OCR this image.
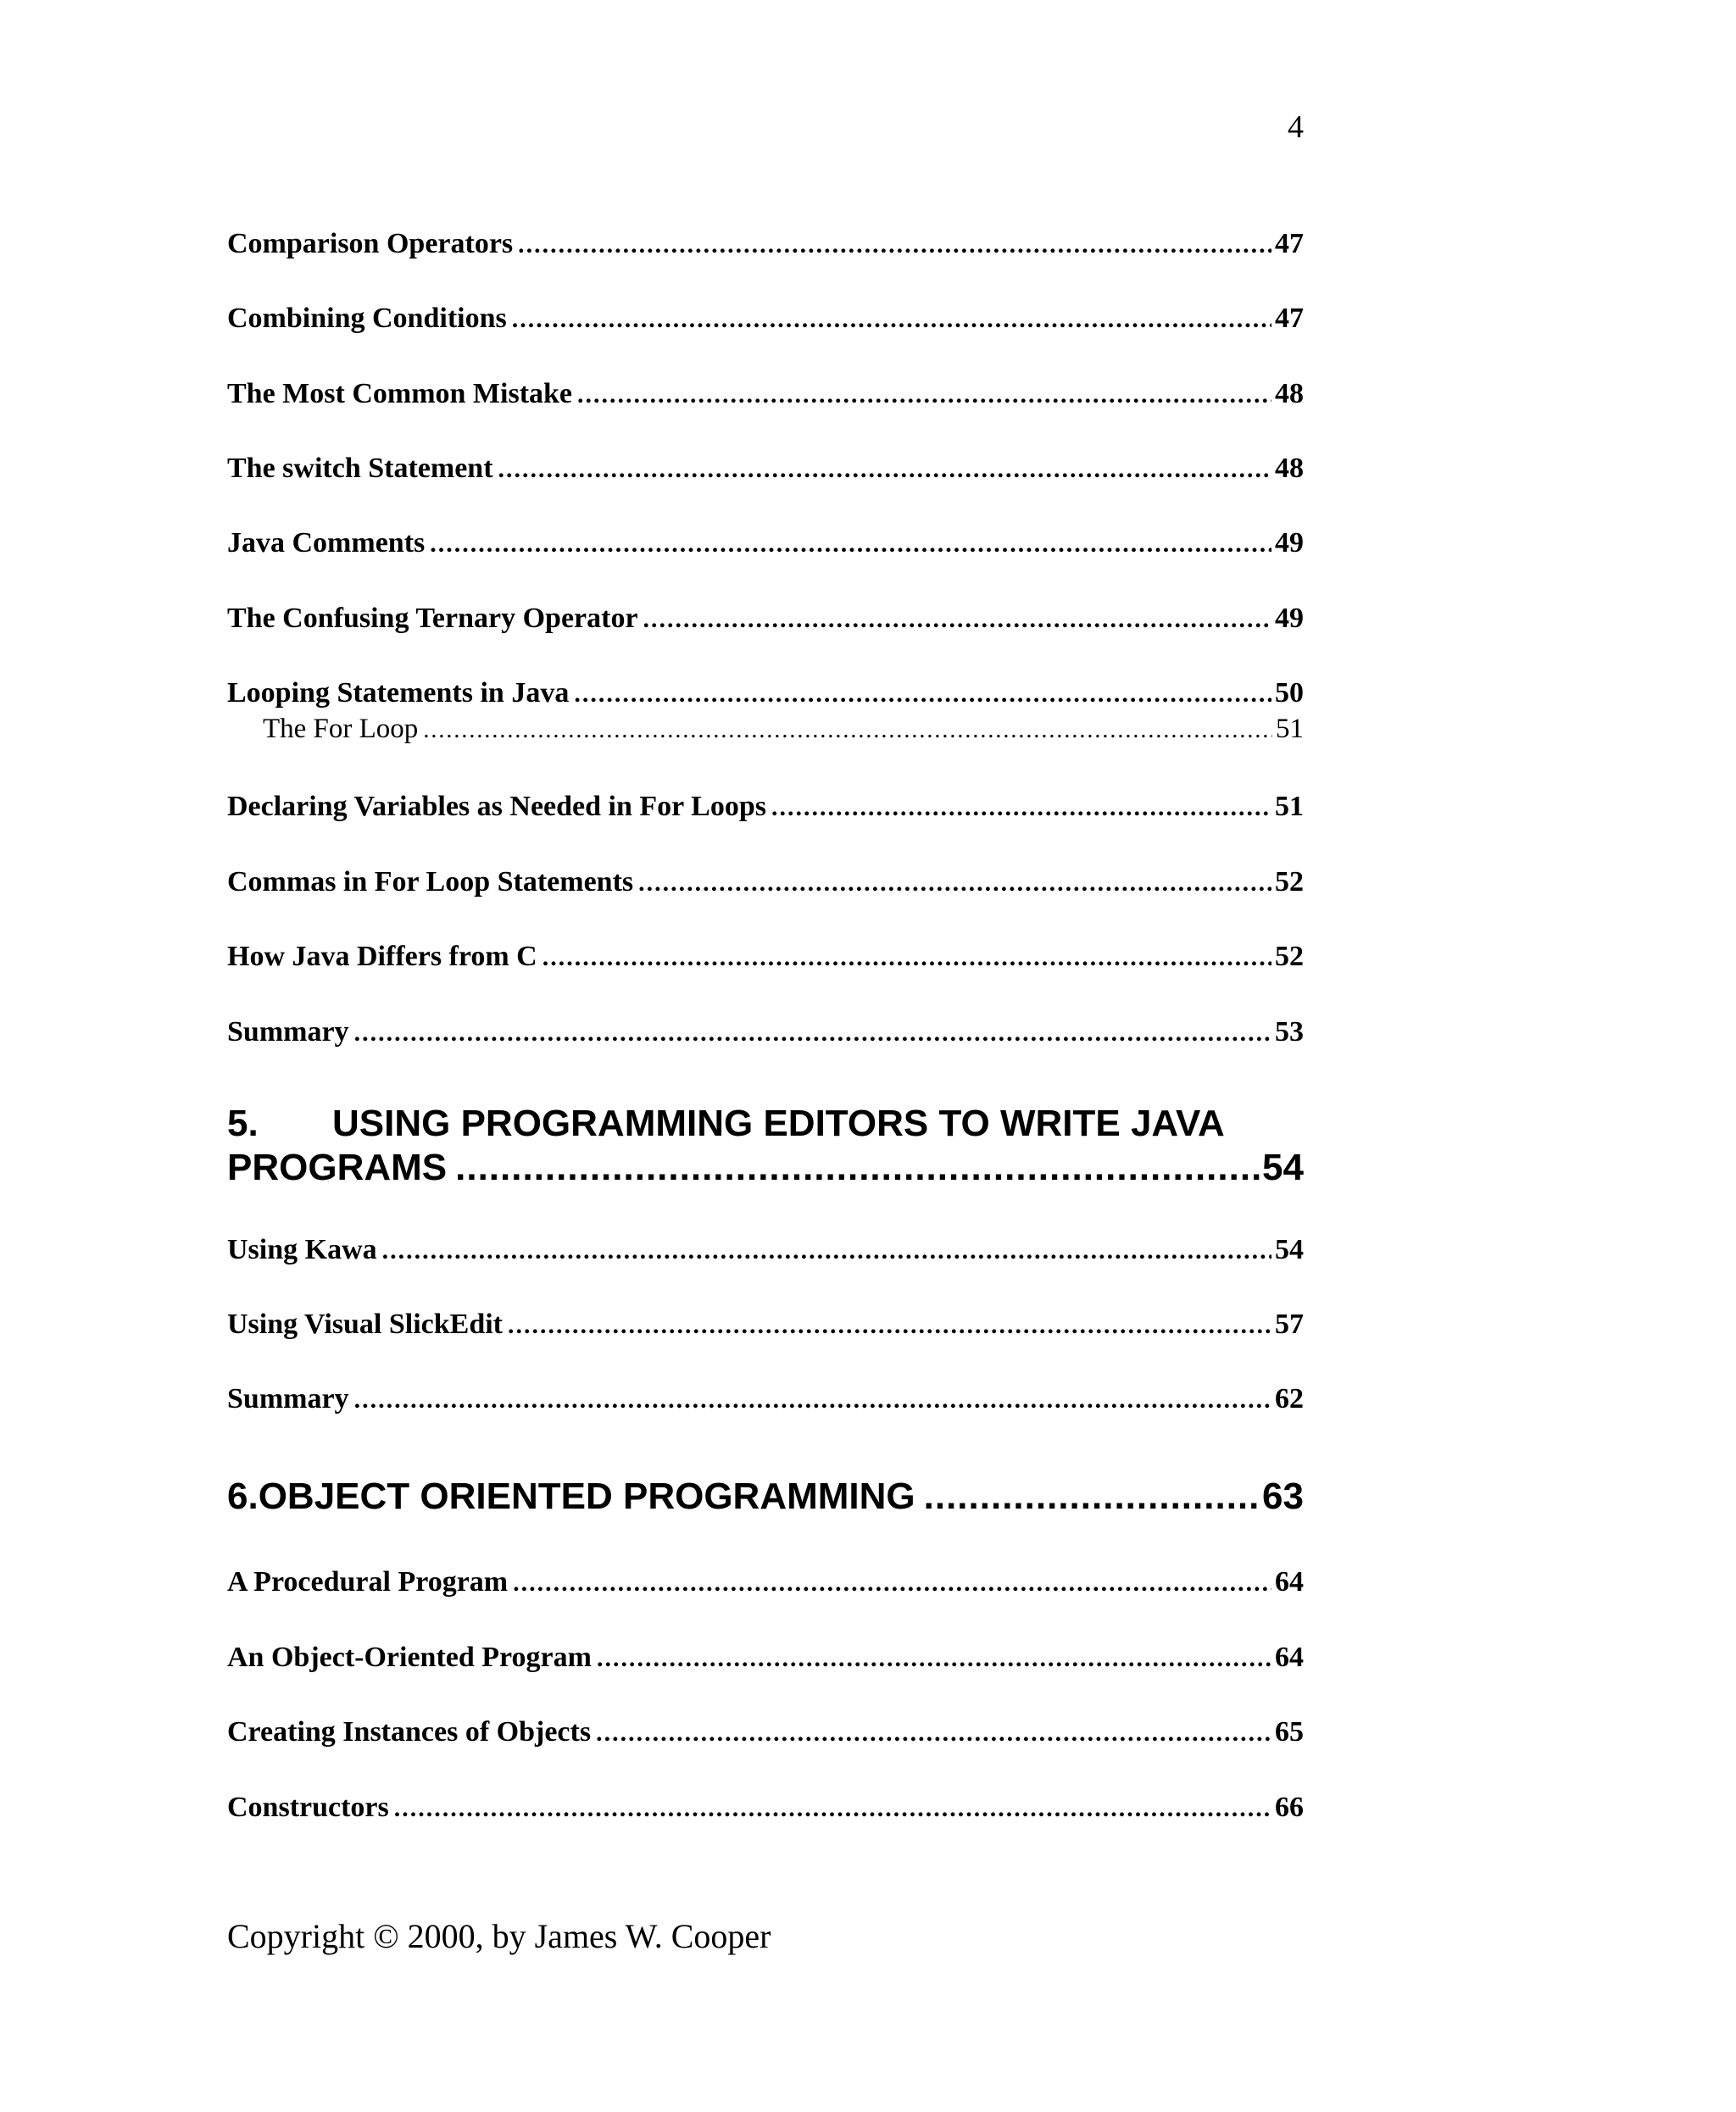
4
Comparison Operators .....	47
Combining Conditions .....	47
The Most Common Mistake .....	48
The switch Statement .....	48
Java Comments .....	49
The Confusing Ternary Operator .....	49
Looping Statements in Java .....	50
The For Loop .....	51
Declaring Variables as Needed in For Loops .....	51
Commas in For Loop Statements .....	52
How Java Differs from C .....	52
Summary .....	53
5. USING PROGRAMMING EDITORS TO WRITE JAVA
PROGRAMS .....	54
Using Kawa .....	54
Using Visual SlickEdit .....	57
Summary .....	62
6. OBJECT ORIENTED PROGRAMMING .....	63
A Procedural Program .....	64
An Object-Oriented Program .....	64
Creating Instances of Objects .....	65
Constructors .....	66
Copyright © 2000, by James W. Cooper
